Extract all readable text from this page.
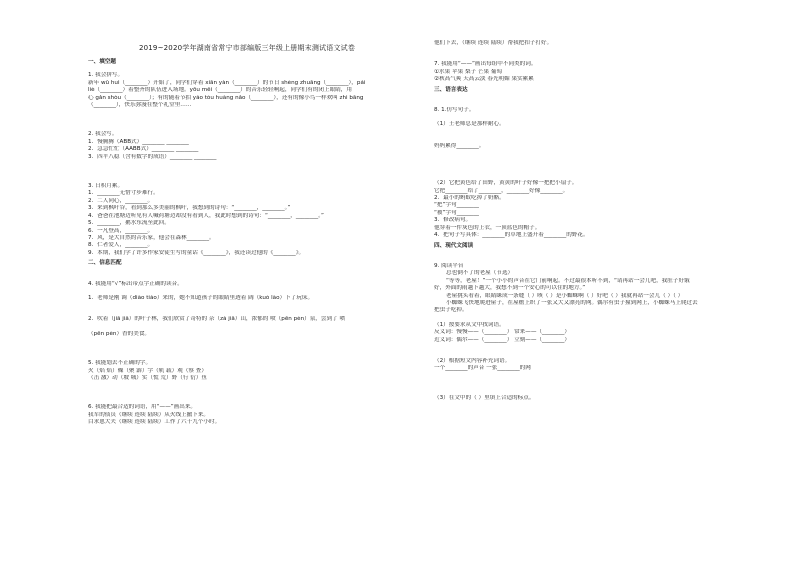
2019~2020学年湖南省常宁市部编版三年级上册期末测试语文试卷
一、填空题
1. 我会拼写。
新年 wǔ huì（________）开始了，同学们穿着 xiān yàn（________）的节日 shèng zhuāng（________），pái
liè（________）着整齐的队伍进入场地。yōu měi（________）的音乐轻轻响起，同学们有的闭上眼睛，用
心 gǎn shòu（________）；有的随着节拍 yáo tóu huàng nǎo（________），还有的像小鸟一样欢叫 zhì bāng
（________），快乐弥漫在整个礼堂里……
2. 我会写。
1．慢腾腾（ABB式）________ ________
2．急急忙忙（AABB式）________ ________
3．四平八稳（含有数字的成语）________ ________
3. 日积月累。
1．________无惜寸步难行。
2．二人同心，________。
3．来到枫叶谷，看到那么多美丽的枫叶，我想到的诗句：“________，________。”
4．爸爸在池塘边听见有人喊荷塘边却没有看到人，我此时想到的诗句：“________，________。”
5．________，鹅水东流至此回。
6．一凡登高，________。
7．风，是大自然的音乐家，他会在森林________。
8．仁者爱人，________。
9．本期，我们学了许多作家安徒生写的童话《________》，我还读过他的《________》。
二、信息匹配
4. 我能用“√”标出带点字正确的读音。
1．老师是刚 调（diào tiáo）来的，她不知道孩子的眼睛里透着 阔（kuò lào）下了玩床。
2．吹着（jiā jiǎ）的叶子林，我们欣赏了奇特的 杂（zá jiā）山，浓郁的 喷（pēn pèn）泉，尝到了 喷
（pēn pèn）香的美食。
5. 我能划去不正确的字。
火（焰 焰）燥（聚 霹）字（轨 载）观（察 查）
（击 激）动（坡 城）实（慌 荒）野（行 衍）鱼
6. 我能把最合适的词语，用“——”画出来。
我军的侦员（继续 连续 陆续）从火线上撤下来。
白求恩大夫（继续 连续 陆续）工作了六十九个小时。
他们下去，（继续 连续 陆续）帮我把扣子打好。
7. 我能用“——”画出每组中不同类的词。
①水果 苹果 梨子 芒果 葡萄
②秋高气爽 天高云淡 春光明媚 果实累累
三、语言表达
8. 1.仿写句子。
（1）王老师总是那样耐心。
妈妈累得________。
（2）它把黄色给了田野，黄黄的叶子好像一把把小扇子。
它把________给了________，________好像________。
2．最小的蚂蚁吃掉了奶酪。
“把”字句________
“被”字句________
3．修改病句。
他穿着一件灰色的上衣，一顶蓝色的帽子。
4．把句子写具体：________的草地上盛开着________的野花。
四、现代文阅读
9. 阅读平台
总也倒不了的老屋（节选）
“等等，老屋！”一个小小的声音在它门前响起。不过最很本听不到，“请再站一会儿吧，我肚子好饿
好，外面的雨越下越大，我想不到一个安心的可以住的地方。”
老屋挑头看着，眼睛眯成一条缝（ ）咳（ ）是小蜘蛛啊（ ）好吧（ ）我就再站一会儿（ ）（ ）
小蜘蛛飞快地爬进屋子，在屋檐上织了一张又大又漂亮的网。偶尔有虫子撞到网上，小蜘蛛马上爬过去
把虫子吃掉。
（1）按要求从文中找词语。
反义词：慢慢——（________） 常来——（________）
近义词：偶尔——（________） 立刻——（________）
（2）根据短文内容补充词语。
一个________的声音 一张________的网
（3）在文中的（ ）里填上合适的标点。
